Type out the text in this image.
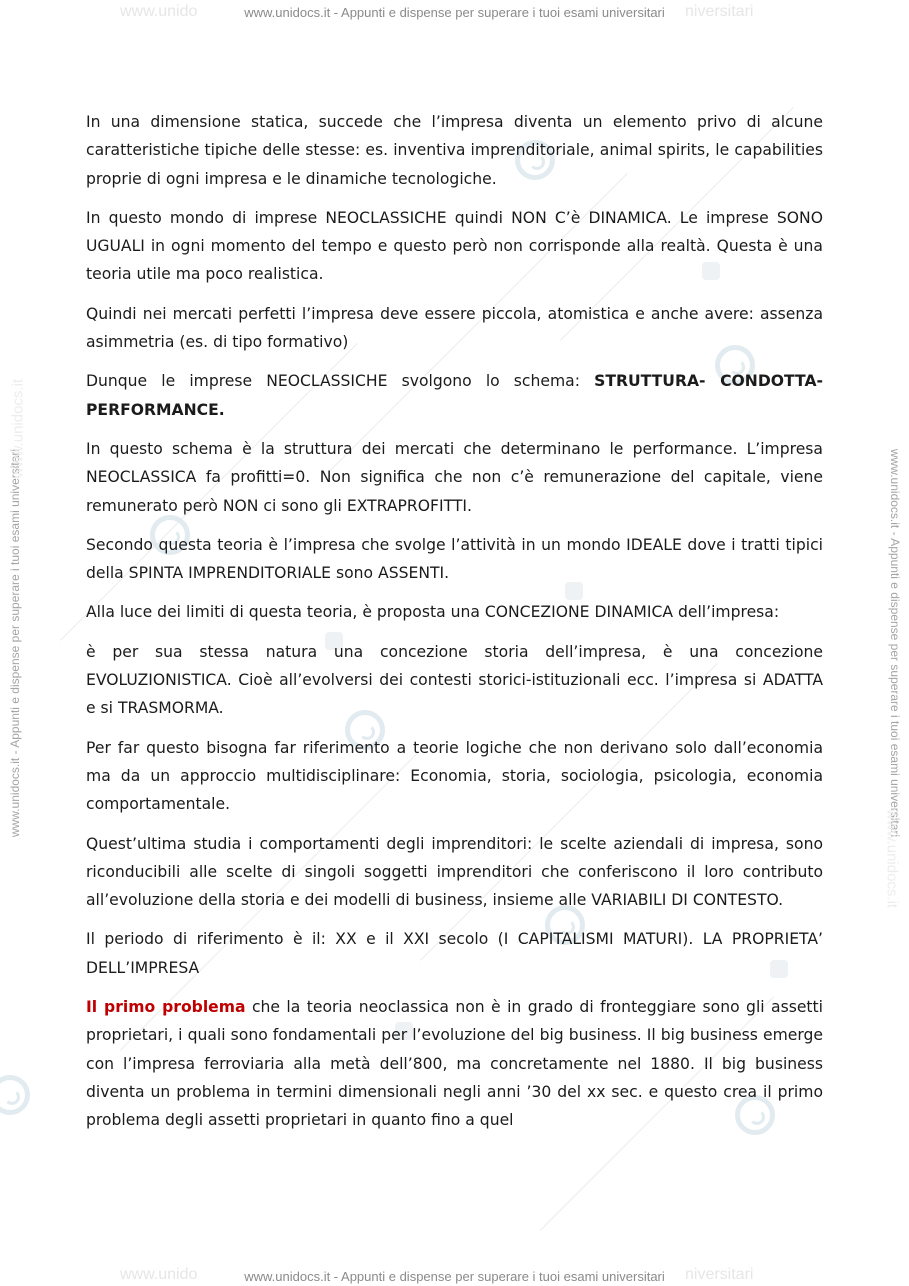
www.unido	niversitari
www.unidocs.it - Appunti e dispense per superare i tuoi esami universitari
www.unido	niversitari
www.unidocs.it - Appunti e dispense per superare i tuoi esami universitari
www.unidocs.it - Appunti e dispense per superare i tuoi esami universitari	www.unidocs.it - Appunti e dispense per superare i tuoi esami universitari
www.unidocs.it
www.unidocs.it

In una dimensione statica, succede che l’impresa diventa un elemento privo di alcune caratteristiche tipiche delle stesse: es. inventiva imprenditoriale, animal spirits, le capabilities proprie di ogni impresa e le dinamiche tecnologiche.

In questo mondo di imprese NEOCLASSICHE quindi NON C’è DINAMICA. Le imprese SONO UGUALI in ogni momento del tempo e questo però non corrisponde alla realtà. Questa è una teoria utile ma poco realistica.

Quindi nei mercati perfetti l’impresa deve essere piccola, atomistica e anche avere: assenza asimmetria (es. di tipo formativo)

Dunque le imprese NEOCLASSICHE svolgono lo schema: STRUTTURA- CONDOTTA- PERFORMANCE.

In questo schema è la struttura dei mercati che determinano le performance. L’impresa NEOCLASSICA fa profitti=0. Non significa che non c’è remunerazione del capitale, viene remunerato però NON ci sono gli EXTRAPROFITTI.

Secondo questa teoria è l’impresa che svolge l’attività in un mondo IDEALE dove i tratti tipici della SPINTA IMPRENDITORIALE sono ASSENTI.

Alla luce dei limiti di questa teoria, è proposta una CONCEZIONE DINAMICA dell’impresa:

è per sua stessa natura una concezione storia dell’impresa, è una concezione EVOLUZIONISTICA. Cioè all’evolversi dei contesti storici-istituzionali ecc. l’impresa si ADATTA e si TRASMORMA.

Per far questo bisogna far riferimento a teorie logiche che non derivano solo dall’economia ma da un approccio multidisciplinare: Economia, storia, sociologia, psicologia, economia comportamentale.

Quest’ultima studia i comportamenti degli imprenditori: le scelte aziendali di impresa, sono riconducibili alle scelte di singoli soggetti imprenditori che conferiscono il loro contributo all’evoluzione della storia e dei modelli di business, insieme alle VARIABILI DI CONTESTO.

Il periodo di riferimento è il: XX e il XXI secolo (I CAPITALISMI MATURI). LA PROPRIETA’ DELL’IMPRESA

Il primo problema che la teoria neoclassica non è in grado di fronteggiare sono gli assetti proprietari, i quali sono fondamentali per l’evoluzione del big business. Il big business emerge con l’impresa ferroviaria alla metà dell’800, ma concretamente nel 1880. Il big business diventa un problema in termini dimensionali negli anni ’30 del xx sec. e questo crea il primo problema degli assetti proprietari in quanto fino a quel
